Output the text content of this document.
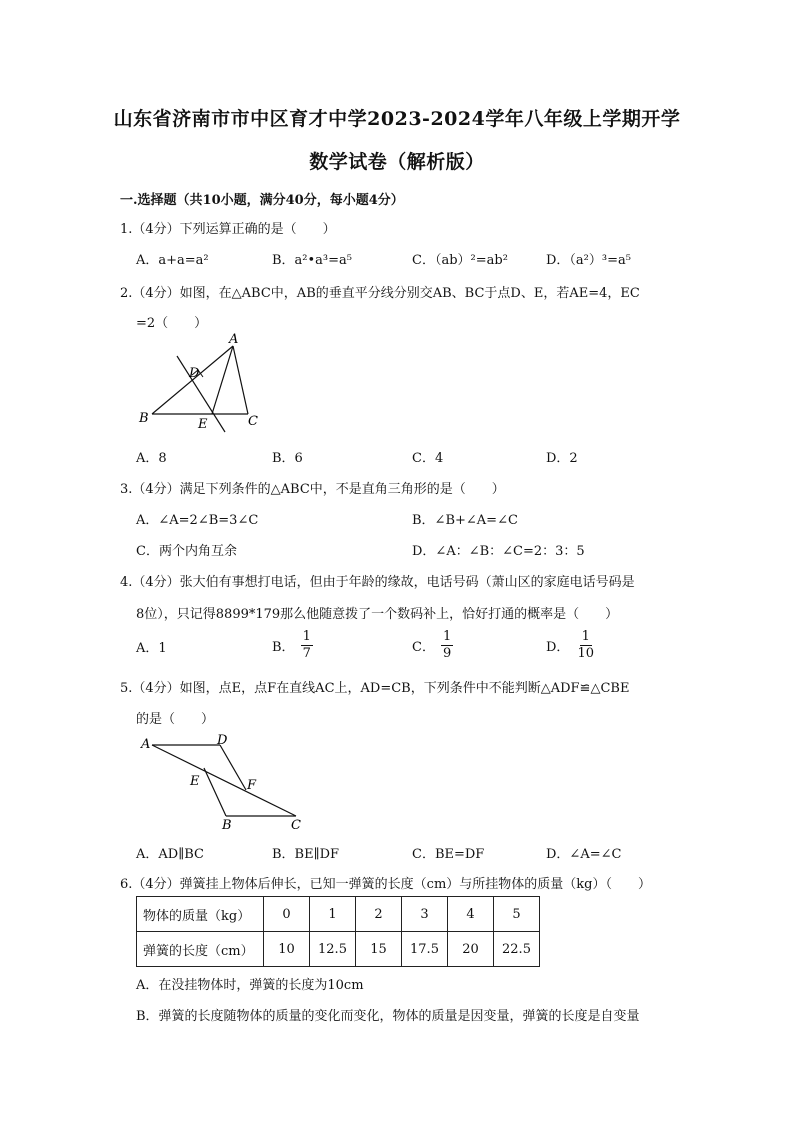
山东省济南市市中区育才中学2023-2024学年八年级上学期开学
数学试卷（解析版）
一.选择题（共10小题，满分40分，每小题4分）
1.（4分）下列运算正确的是（　　）
A．a+a=a²	B．a²•a³=a⁵	C．（ab）²=ab²	D．（a²）³=a⁵
2.（4分）如图，在△ABC中，AB的垂直平分线分别交AB、BC于点D、E，若AE=4，EC
=2（　　）
A
B	C
D
E
A．8	B．6	C．4	D．2
3.（4分）满足下列条件的△ABC中，不是直角三角形的是（　　）
A．∠A=2∠B=3∠C	B．∠B+∠A=∠C
C．两个内角互余	D．∠A：∠B：∠C=2：3：5
4.（4分）张大伯有事想打电话，但由于年龄的缘故，电话号码（萧山区的家庭电话号码是
8位），只记得8899*179那么他随意拨了一个数码补上，恰好打通的概率是（　　）
A．1	B． $\frac{1}{7}$	C． $\frac{1}{9}$	D． $\frac{1}{10}$
5.（4分）如图，点E，点F在直线AC上，AD=CB，下列条件中不能判断△ADF≌△CBE
的是（　　）
A	D
E	F
B	C
A．AD∥BC	B．BE∥DF	C．BE=DF	D．∠A=∠C
6.（4分）弹簧挂上物体后伸长，已知一弹簧的长度（cm）与所挂物体的质量（kg）（　　）
物体的质量（kg）	0	1	2	3	4	5
弹簧的长度（cm）	10	12.5	15	17.5	20	22.5
A．在没挂物体时，弹簧的长度为10cm
B．弹簧的长度随物体的质量的变化而变化，物体的质量是因变量，弹簧的长度是自变量
